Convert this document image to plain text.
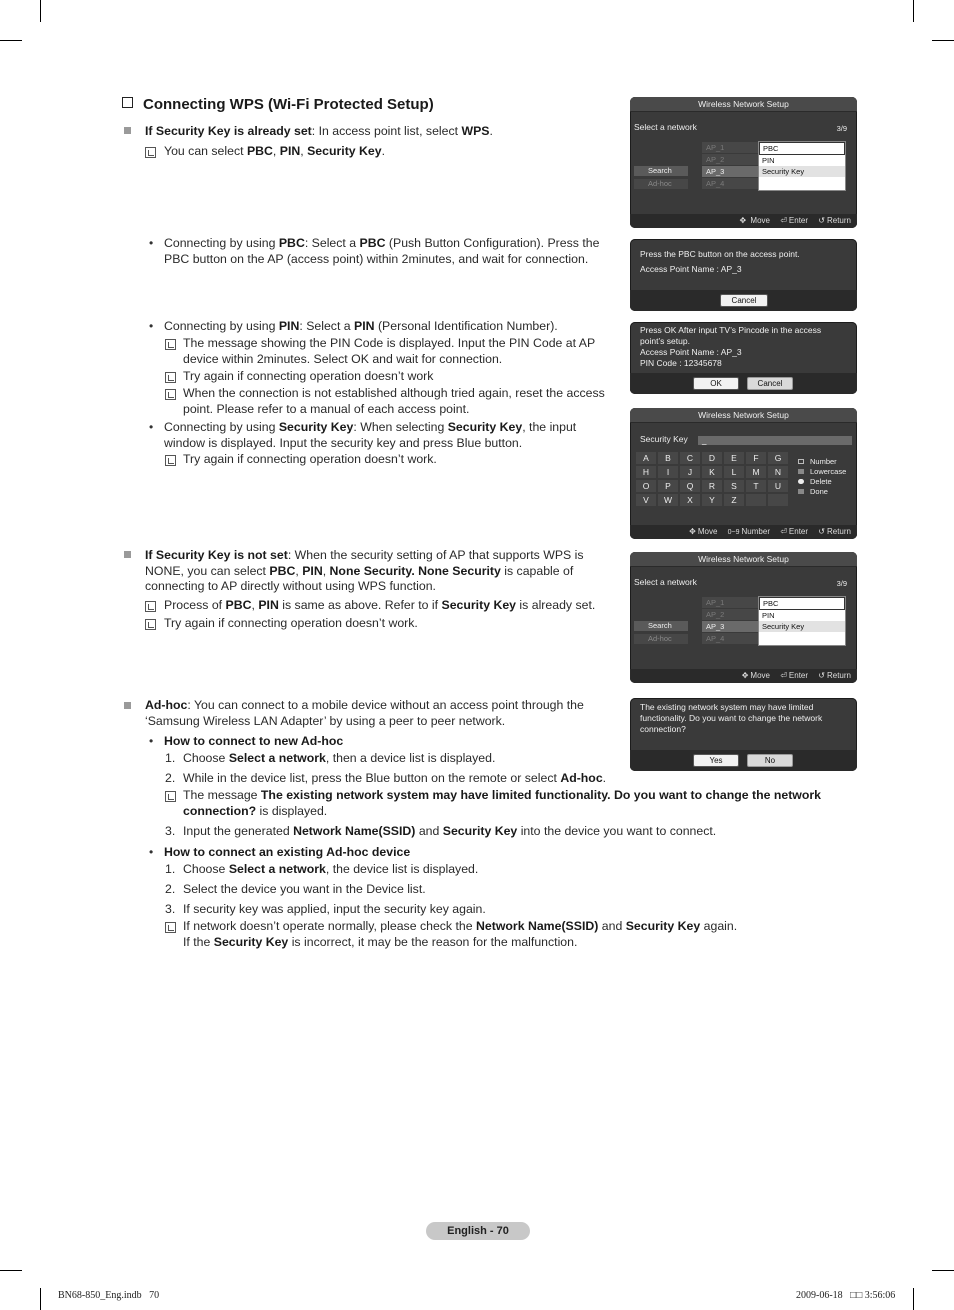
Connecting WPS (Wi-Fi Protected Setup)
If Security Key is already set: In access point list, select WPS.
You can select PBC, PIN, Security Key.
• Connecting by using PBC: Select a PBC (Push Button Configuration). Press the PBC button on the AP (access point) within 2minutes, and wait for connection.
• Connecting by using PIN: Select a PIN (Personal Identification Number).
The message showing the PIN Code is displayed. Input the PIN Code at AP device within 2minutes. Select OK and wait for connection.
Try again if connecting operation doesn’t work
When the connection is not established although tried again, reset the access point. Please refer to a manual of each access point.
• Connecting by using Security Key: When selecting Security Key, the input window is displayed. Input the security key and press Blue button.
Try again if connecting operation doesn’t work.
If Security Key is not set: When the security setting of AP that supports WPS is NONE, you can select PBC, PIN, None Security. None Security is capable of connecting to AP directly without using WPS function.
Process of PBC, PIN is same as above. Refer to if Security Key is already set.
Try again if connecting operation doesn’t work.
Ad-hoc: You can connect to a mobile device without an access point through the ‘Samsung Wireless LAN Adapter’ by using a peer to peer network.
• How to connect to new Ad-hoc
1. Choose Select a network, then a device list is displayed.
2. While in the device list, press the Blue button on the remote or select Ad-hoc.
The message The existing network system may have limited functionality. Do you want to change the network connection? is displayed.
3. Input the generated Network Name(SSID) and Security Key into the device you want to connect.
• How to connect an existing Ad-hoc device
1. Choose Select a network, the device list is displayed.
2. Select the device you want in the Device list.
3. If security key was applied, input the security key again.
If network doesn’t operate normally, please check the Network Name(SSID) and Security Key again.
If the Security Key is incorrect, it may be the reason for the malfunction.
Wireless Network Setup
Select a network	3/9
AP_1
AP_2
AP_3
AP_4
Search
Ad-hoc
PBC
PIN
Security Key
✥ Move ⏎ Enter ↺ Return
Press the PBC button on the access point.
Access Point Name : AP_3
Cancel
Press OK After input TV’s Pincode in the access
point’s setup.
Access Point Name : AP_3
PIN Code : 12345678
OK	Cancel
Wireless Network Setup
Security Key	_
A	B	C	D	E	F	G
H	I	J	K	L	M	N
O	P	Q	R	S	T	U
V	W	X	Y	Z
Number
Lowercase
Delete
Done
✥ Move 0~9 Number ⏎ Enter ↺ Return
Wireless Network Setup
Select a network	3/9
AP_1
AP_2
AP_3
AP_4
Search
Ad-hoc
PBC
PIN
Security Key
✥ Move ⏎ Enter ↺ Return
The existing network system may have limited
functionality. Do you want to change the network
connection?
Yes	No
English - 70
BN68-850_Eng.indb   70	2009-06-18   □□ 3:56:06
